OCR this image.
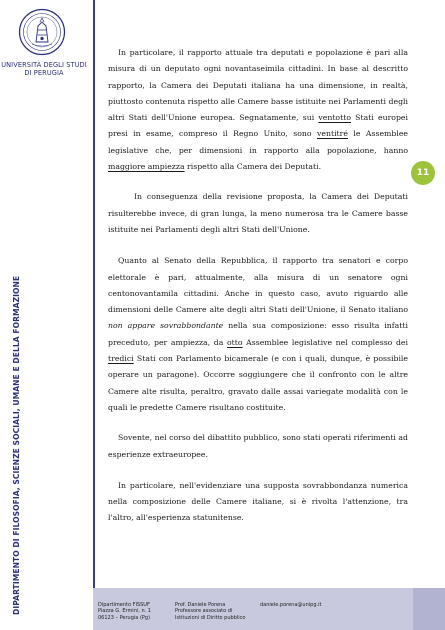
UNIVERSITÀ DEGLI STUDI
DI PERUGIA
DIPARTIMENTO DI FILOSOFIA, SCIENZE SOCIALI, UMANE E DELLA FORMAZIONE
11

In particolare, il rapporto attuale tra deputati e popolazione è pari alla misura di un deputato ogni novantaseimila cittadini. In base al descritto rapporto, la Camera dei Deputati italiana ha una dimensione, in realtà, piuttosto contenuta rispetto alle Camere basse istituite nei Parlamenti degli altri Stati dell'Unione europea. Segnatamente, sui ventotto Stati europei presi in esame, compreso il Regno Unito, sono ventitré le Assemblee legislative che, per dimensioni in rapporto alla popolazione, hanno maggiore ampiezza rispetto alla Camera dei Deputati.

In conseguenza della revisione proposta, la Camera dei Deputati risulterebbe invece, di gran lunga, la meno numerosa tra le Camere basse istituite nei Parlamenti degli altri Stati dell'Unione.

Quanto al Senato della Repubblica, il rapporto tra senatori e corpo elettorale è pari, attualmente, alla misura di un senatore ogni centonovantamila cittadini. Anche in questo caso, avuto riguardo alle dimensioni delle Camere alte degli altri Stati dell'Unione, il Senato italiano non appare sovrabbondante nella sua composizione: esso risulta infatti preceduto, per ampiezza, da otto Assemblee legislative nel complesso dei tredici Stati con Parlamento bicamerale (e con i quali, dunque, è possibile operare un paragone). Occorre soggiungere che il confronto con le altre Camere alte risulta, peraltro, gravato dalle assai variegate modalità con le quali le predette Camere risultano costituite.

Sovente, nel corso del dibattito pubblico, sono stati operati riferimenti ad esperienze extraeuropee.

In particolare, nell'evidenziare una supposta sovrabbondanza numerica nella composizione delle Camere italiane, si è rivolta l'attenzione, tra l'altro, all'esperienza statunitense.

Dipartimento FISSUF
Piazza G. Ermini, n. 1
06123 – Perugia (Pg)
Prof. Daniele Porena
Professore associato di
Istituzioni di Diritto pubblico
daniele.porena@unipg.it
